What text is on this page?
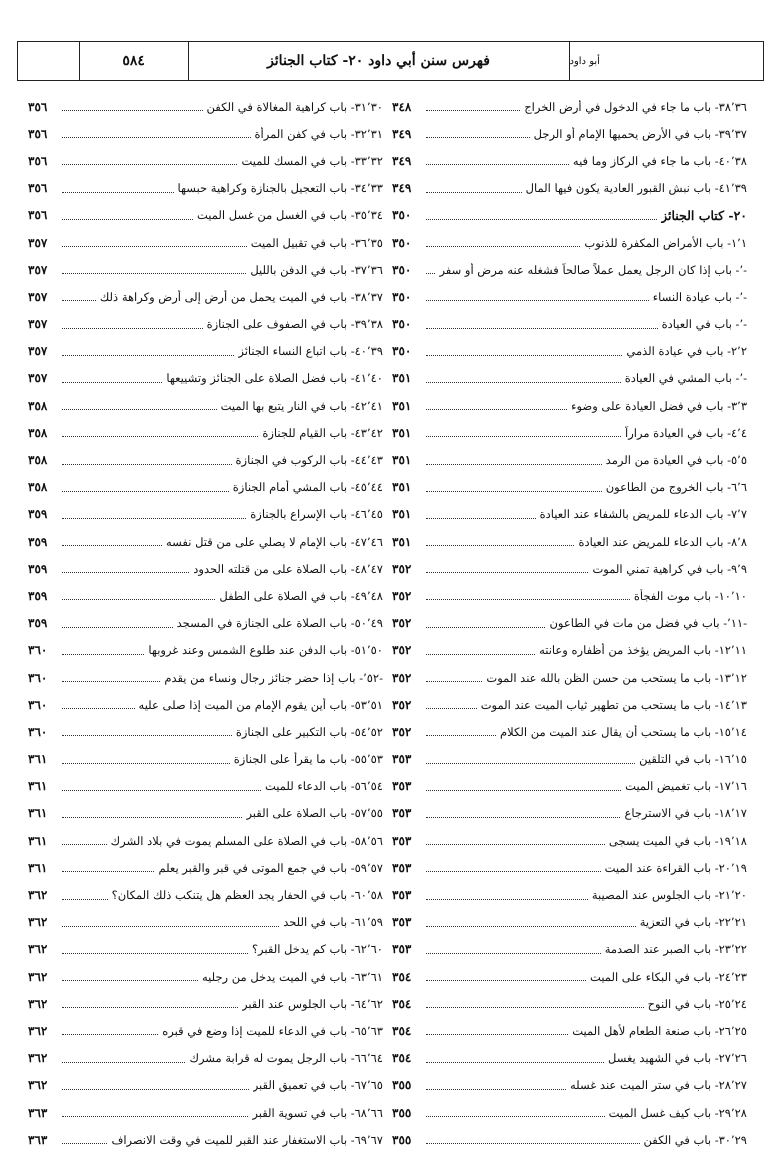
٥٨٤	فهرس سنن أبي داود ٢٠- كتاب الجنائز	أبو داود
٣٨٬٣٦- باب ما جاء في الدخول في أرض الخراج
٣٤٨
٣٩٬٣٧- باب في الأرض يحميها الإمام أو الرجل
٣٤٩
٤٠٬٣٨- باب ما جاء في الركاز وما فيه
٣٤٩
٤١٬٣٩- باب نبش القبور العادية يكون فيها المال
٣٤٩
٢٠- كتاب الجنائز
٣٥٠
١٬١- باب الأمراض المكفرة للذنوب
٣٥٠
-٬- باب إذا كان الرجل يعمل عملاً صالحاً فشغله عنه مرض أو سفر
٣٥٠
-٬- باب عيادة النساء
٣٥٠
-٬- باب في العيادة
٣٥٠
٢٬٢- باب في عيادة الذمي
٣٥٠
-٬- باب المشي في العيادة
٣٥١
٣٬٣- باب في فضل العيادة على وضوء
٣٥١
٤٬٤- باب في العيادة مراراً
٣٥١
٥٬٥- باب في العيادة من الرمد
٣٥١
٦٬٦- باب الخروج من الطاعون
٣٥١
٧٬٧- باب الدعاء للمريض بالشفاء عند العيادة
٣٥١
٨٬٨- باب الدعاء للمريض عند العيادة
٣٥١
٩٬٩- باب في كراهية تمني الموت
٣٥٢
١٠٬١٠- باب موت الفجأة
٣٥٢
-٬١١- باب في فضل من مات في الطاعون
٣٥٢
١٢٬١١- باب المريض يؤخذ من أظفاره وعانته
٣٥٢
١٣٬١٢- باب ما يستحب من حسن الظن بالله عند الموت
٣٥٢
١٤٬١٣- باب ما يستحب من تطهير ثياب الميت عند الموت
٣٥٢
١٥٬١٤- باب ما يستحب أن يقال عند الميت من الكلام
٣٥٢
١٦٬١٥- باب في التلقين
٣٥٣
١٧٬١٦- باب تغميض الميت
٣٥٣
١٨٬١٧- باب في الاسترجاع
٣٥٣
١٩٬١٨- باب في الميت يسجى
٣٥٣
٢٠٬١٩- باب القراءة عند الميت
٣٥٣
٢١٬٢٠- باب الجلوس عند المصيبة
٣٥٣
٢٢٬٢١- باب في التعزية
٣٥٣
٢٣٬٢٢- باب الصبر عند الصدمة
٣٥٣
٢٤٬٢٣- باب في البكاء على الميت
٣٥٤
٢٥٬٢٤- باب في النوح
٣٥٤
٢٦٬٢٥- باب صنعة الطعام لأهل الميت
٣٥٤
٢٧٬٢٦- باب في الشهيد يغسل
٣٥٤
٢٨٬٢٧- باب في ستر الميت عند غسله
٣٥٥
٢٩٬٢٨- باب كيف غسل الميت
٣٥٥
٣٠٬٢٩- باب في الكفن
٣٥٥
٣١٬٣٠- باب كراهية المغالاة في الكفن
٣٥٦
٣٢٬٣١- باب في كفن المرأة
٣٥٦
٣٣٬٣٢- باب في المسك للميت
٣٥٦
٣٤٬٣٣- باب التعجيل بالجنازة وكراهية حبسها
٣٥٦
٣٥٬٣٤- باب في الغسل من غسل الميت
٣٥٦
٣٦٬٣٥- باب في تقبيل الميت
٣٥٧
٣٧٬٣٦- باب في الدفن بالليل
٣٥٧
٣٨٬٣٧- باب في الميت يحمل من أرض إلى أرض وكراهة ذلك
٣٥٧
٣٩٬٣٨- باب في الصفوف على الجنازة
٣٥٧
٤٠٬٣٩- باب اتباع النساء الجنائز
٣٥٧
٤١٬٤٠- باب فضل الصلاة على الجنائز وتشييعها
٣٥٧
٤٢٬٤١- باب في النار يتبع بها الميت
٣٥٨
٤٣٬٤٢- باب القيام للجنازة
٣٥٨
٤٤٬٤٣- باب الركوب في الجنازة
٣٥٨
٤٥٬٤٤- باب المشي أمام الجنازة
٣٥٨
٤٦٬٤٥- باب الإسراع بالجنازة
٣٥٩
٤٧٬٤٦- باب الإمام لا يصلي على من قتل نفسه
٣٥٩
٤٨٬٤٧- باب الصلاة على من قتلته الحدود
٣٥٩
٤٩٬٤٨- باب في الصلاة على الطفل
٣٥٩
٥٠٬٤٩- باب الصلاة على الجنازة في المسجد
٣٥٩
٥١٬٥٠- باب الدفن عند طلوع الشمس وعند غروبها
٣٦٠
-٬٥٢- باب إذا حضر جنائز رجال ونساء من يقدم
٣٦٠
٥٣٬٥١- باب أين يقوم الإمام من الميت إذا صلى عليه
٣٦٠
٥٤٬٥٢- باب التكبير على الجنازة
٣٦٠
٥٥٬٥٣- باب ما يقرأ على الجنازة
٣٦١
٥٦٬٥٤- باب الدعاء للميت
٣٦١
٥٧٬٥٥- باب الصلاة على القبر
٣٦١
٥٨٬٥٦- باب في الصلاة على المسلم يموت في بلاد الشرك
٣٦١
٥٩٬٥٧- باب في جمع الموتى في قبر والقبر يعلم
٣٦١
٦٠٬٥٨- باب في الحفار يجد العظم هل يتنكب ذلك المكان؟
٣٦٢
٦١٬٥٩- باب في اللحد
٣٦٢
٦٢٬٦٠- باب كم يدخل القبر؟
٣٦٢
٦٣٬٦١- باب في الميت يدخل من رجليه
٣٦٢
٦٤٬٦٢- باب الجلوس عند القبر
٣٦٢
٦٥٬٦٣- باب في الدعاء للميت إذا وضع في قبره
٣٦٢
٦٦٬٦٤- باب الرجل يموت له قرابة مشرك
٣٦٢
٦٧٬٦٥- باب في تعميق القبر
٣٦٢
٦٨٬٦٦- باب في تسوية القبر
٣٦٣
٦٩٬٦٧- باب الاستغفار عند القبر للميت في وقت الانصراف
٣٦٣
